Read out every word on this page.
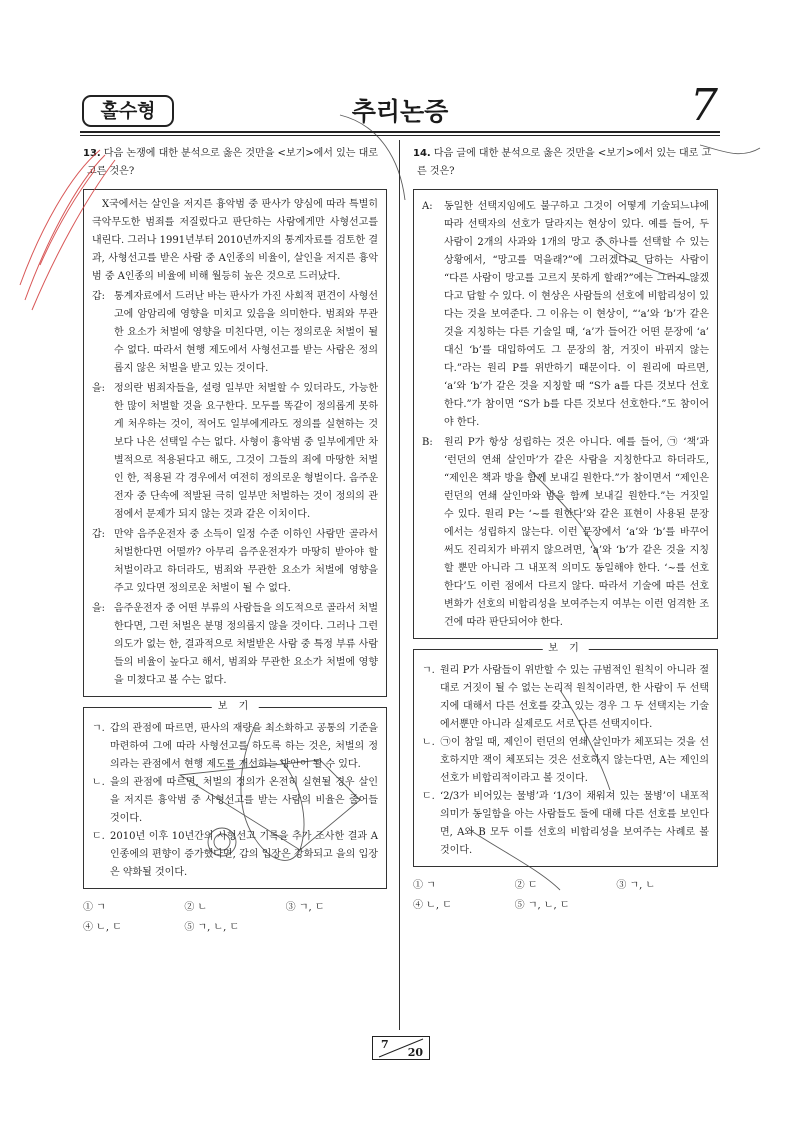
홀수형	추리논증	7

13. 다음 논쟁에 대한 분석으로 옳은 것만을 <보기>에서 있는 대로 고른 것은?

X국에서는 살인을 저지른 흉악범 중 판사가 양심에 따라 특별히 극악무도한 범죄를 저질렀다고 판단하는 사람에게만 사형선고를 내린다. 그러나 1991년부터 2010년까지의 통계자료를 검토한 결과, 사형선고를 받은 사람 중 A인종의 비율이, 살인을 저지른 흉악범 중 A인종의 비율에 비해 월등히 높은 것으로 드러났다.

갑: 통계자료에서 드러난 바는 판사가 가진 사회적 편견이 사형선고에 암암리에 영향을 미치고 있음을 의미한다. 범죄와 무관한 요소가 처벌에 영향을 미친다면, 이는 정의로운 처벌이 될 수 없다. 따라서 현행 제도에서 사형선고를 받는 사람은 정의롭지 않은 처벌을 받고 있는 것이다.

을: 정의란 범죄자들을, 설령 일부만 처벌할 수 있더라도, 가능한 한 많이 처벌할 것을 요구한다. 모두를 똑같이 정의롭게 못하게 처우하는 것이, 적어도 일부에게라도 정의를 실현하는 것보다 나은 선택일 수는 없다. 사형이 흉악범 중 일부에게만 차별적으로 적용된다고 해도, 그것이 그들의 죄에 마땅한 처벌인 한, 적용된 각 경우에서 여전히 정의로운 형벌이다. 음주운전자 중 단속에 적발된 극히 일부만 처벌하는 것이 정의의 관점에서 문제가 되지 않는 것과 같은 이치이다.

갑: 만약 음주운전자 중 소득이 일정 수준 이하인 사람만 골라서 처벌한다면 어떨까? 아무리 음주운전자가 마땅히 받아야 할 처벌이라고 하더라도, 범죄와 무관한 요소가 처벌에 영향을 주고 있다면 정의로운 처벌이 될 수 없다.

을: 음주운전자 중 어떤 부류의 사람들을 의도적으로 골라서 처벌한다면, 그런 처벌은 분명 정의롭지 않을 것이다. 그러나 그런 의도가 없는 한, 결과적으로 처벌받은 사람 중 특정 부류 사람들의 비율이 높다고 해서, 범죄와 무관한 요소가 처벌에 영향을 미쳤다고 볼 수는 없다.

보 기

ㄱ. 갑의 관점에 따르면, 판사의 재량을 최소화하고 공통의 기준을 마련하여 그에 따라 사형선고를 하도록 하는 것은, 처벌의 정의라는 관점에서 현행 제도를 개선하는 방안이 될 수 있다.

ㄴ. 을의 관점에 따르면, 처벌의 정의가 온전히 실현될 경우 살인을 저지른 흉악범 중 사형선고를 받는 사람의 비율은 줄어들 것이다.

ㄷ. 2010년 이후 10년간의 사형선고 기록을 추가 조사한 결과 A인종에의 편향이 증가했다면, 갑의 입장은 강화되고 을의 입장은 약화될 것이다.

① ㄱ	② ㄴ	③ ㄱ, ㄷ
④ ㄴ, ㄷ	⑤ ㄱ, ㄴ, ㄷ

14. 다음 글에 대한 분석으로 옳은 것만을 <보기>에서 있는 대로 고른 것은?

A: 동일한 선택지임에도 불구하고 그것이 어떻게 기술되느냐에 따라 선택자의 선호가 달라지는 현상이 있다. 예를 들어, 두 사람이 2개의 사과와 1개의 망고 중 하나를 선택할 수 있는 상황에서, “망고를 먹을래?”에 그러겠다고 답하는 사람이 “다른 사람이 망고를 고르지 못하게 할래?”에는 그러지 않겠다고 답할 수 있다. 이 현상은 사람들의 선호에 비합리성이 있다는 것을 보여준다. 그 이유는 이 현상이, “‘a’와 ‘b’가 같은 것을 지칭하는 다른 기술일 때, ‘a’가 들어간 어떤 문장에 ‘a’ 대신 ‘b’를 대입하여도 그 문장의 참, 거짓이 바뀌지 않는다.”라는 원리 P를 위반하기 때문이다. 이 원리에 따르면, ‘a’와 ‘b’가 같은 것을 지칭할 때 “S가 a를 다른 것보다 선호한다.”가 참이면 “S가 b를 다른 것보다 선호한다.”도 참이어야 한다.

B: 원리 P가 항상 성립하는 것은 아니다. 예를 들어, ㉠ ‘책’과 ‘런던의 연쇄 살인마’가 같은 사람을 지칭한다고 하더라도, “제인은 책과 방을 함께 보내길 원한다.”가 참이면서 “제인은 런던의 연쇄 살인마와 밤을 함께 보내길 원한다.”는 거짓일 수 있다. 원리 P는 ‘∼를 원한다’와 같은 표현이 사용된 문장에서는 성립하지 않는다. 이런 문장에서 ‘a’와 ‘b’를 바꾸어 써도 진리치가 바뀌지 않으려면, ‘a’와 ‘b’가 같은 것을 지칭할 뿐만 아니라 그 내포적 의미도 동일해야 한다. ‘∼를 선호한다’도 이런 점에서 다르지 않다. 따라서 기술에 따른 선호 변화가 선호의 비합리성을 보여주는지 여부는 이런 엄격한 조건에 따라 판단되어야 한다.

보 기

ㄱ. 원리 P가 사람들이 위반할 수 있는 규범적인 원칙이 아니라 절대로 거짓이 될 수 없는 논리적 원칙이라면, 한 사람이 두 선택지에 대해서 다른 선호를 갖고 있는 경우 그 두 선택지는 기술에서뿐만 아니라 실제로도 서로 다른 선택지이다.

ㄴ. ㉠이 참일 때, 제인이 런던의 연쇄 살인마가 체포되는 것을 선호하지만 잭이 체포되는 것은 선호하지 않는다면, A는 제인의 선호가 비합리적이라고 볼 것이다.

ㄷ. ‘2/3가 비어있는 물병’과 ‘1/3이 채워져 있는 물병’이 내포적 의미가 동일함을 아는 사람들도 둘에 대해 다른 선호를 보인다면, A와 B 모두 이를 선호의 비합리성을 보여주는 사례로 볼 것이다.

① ㄱ	② ㄷ	③ ㄱ, ㄴ
④ ㄴ, ㄷ	⑤ ㄱ, ㄴ, ㄷ
7
20
